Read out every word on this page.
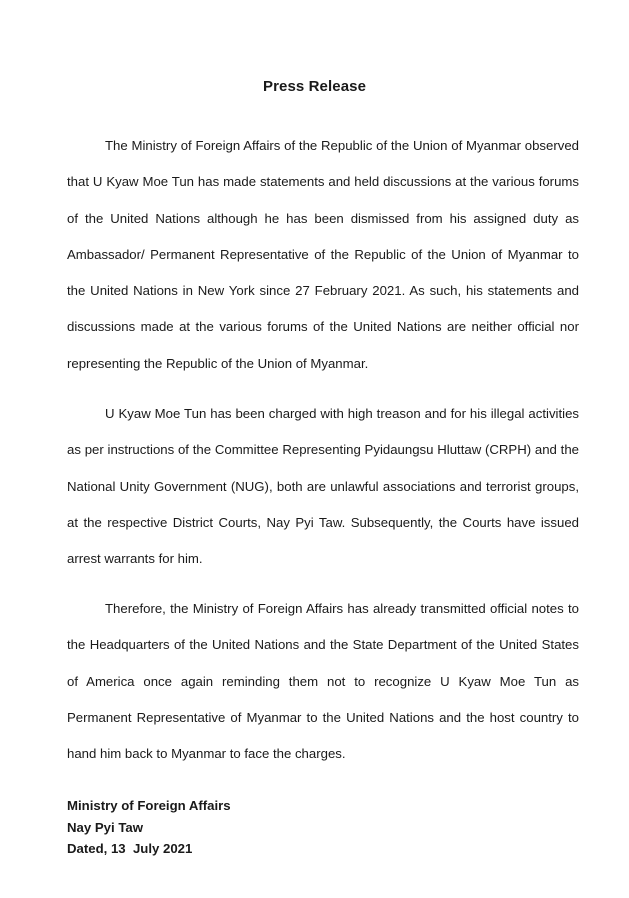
Press Release

The Ministry of Foreign Affairs of the Republic of the Union of Myanmar observed that U Kyaw Moe Tun has made statements and held discussions at the various forums of the United Nations although he has been dismissed from his assigned duty as Ambassador/ Permanent Representative of the Republic of the Union of Myanmar to the United Nations in New York since 27 February 2021. As such, his statements and discussions made at the various forums of the United Nations are neither official nor representing the Republic of the Union of Myanmar.

U Kyaw Moe Tun has been charged with high treason and for his illegal activities as per instructions of the Committee Representing Pyidaungsu Hluttaw (CRPH) and the National Unity Government (NUG), both are unlawful associations and terrorist groups, at the respective District Courts, Nay Pyi Taw. Subsequently, the Courts have issued arrest warrants for him.

Therefore, the Ministry of Foreign Affairs has already transmitted official notes to the Headquarters of the United Nations and the State Department of the United States of America once again reminding them not to recognize U Kyaw Moe Tun as Permanent Representative of Myanmar to the United Nations and the host country to hand him back to Myanmar to face the charges.

Ministry of Foreign Affairs
Nay Pyi Taw
Dated, 13  July 2021
